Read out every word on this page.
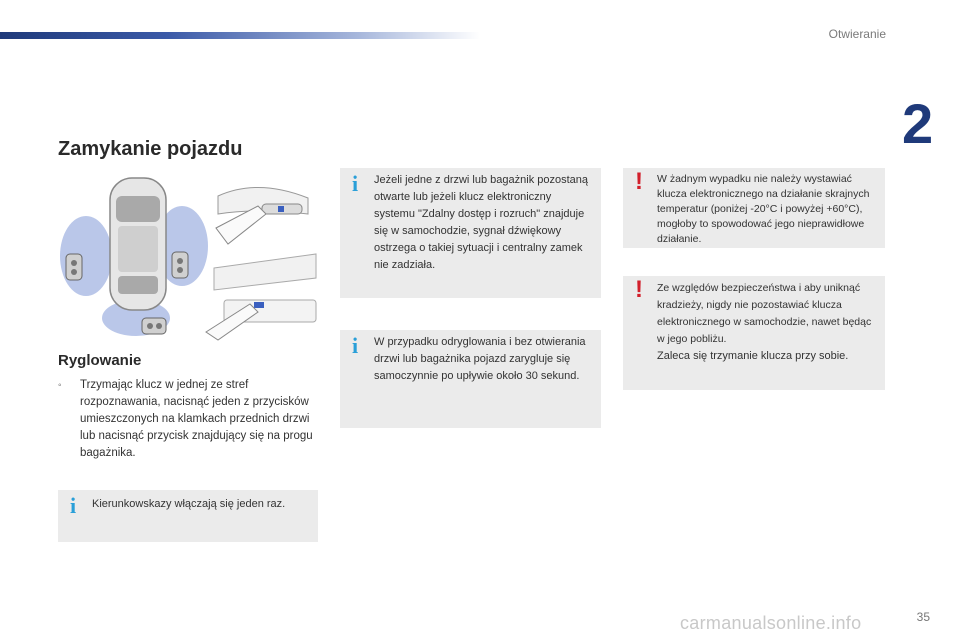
Otwieranie
2
Zamykanie pojazdu
Ryglowanie
◦ Trzymając klucz w jednej ze stref rozpoznawania, nacisnąć jeden z przycisków umieszczonych na klamkach przednich drzwi lub nacisnąć przycisk znajdujący się na progu bagażnika.
i	Kierunkowskazy włączają się jeden raz.
i	Jeżeli jedne z drzwi lub bagażnik pozostaną otwarte lub jeżeli klucz elektroniczny systemu "Zdalny dostęp i rozruch" znajduje się w samochodzie, sygnał dźwiękowy ostrzega o takiej sytuacji i centralny zamek nie zadziała.
i	W przypadku odryglowania i bez otwierania drzwi lub bagażnika pojazd zarygluje się samoczynnie po upływie około 30 sekund.
! W żadnym wypadku nie należy wystawiać klucza elektronicznego na działanie skrajnych temperatur (poniżej -20°C i powyżej +60°C), mogłoby to spowodować jego nieprawidłowe działanie.
! Ze względów bezpieczeństwa i aby uniknąć kradzieży, nigdy nie pozostawiać klucza elektronicznego w samochodzie, nawet będąc w jego pobliżu.
Zaleca się trzymanie klucza przy sobie.
35
carmanualsonline.info
